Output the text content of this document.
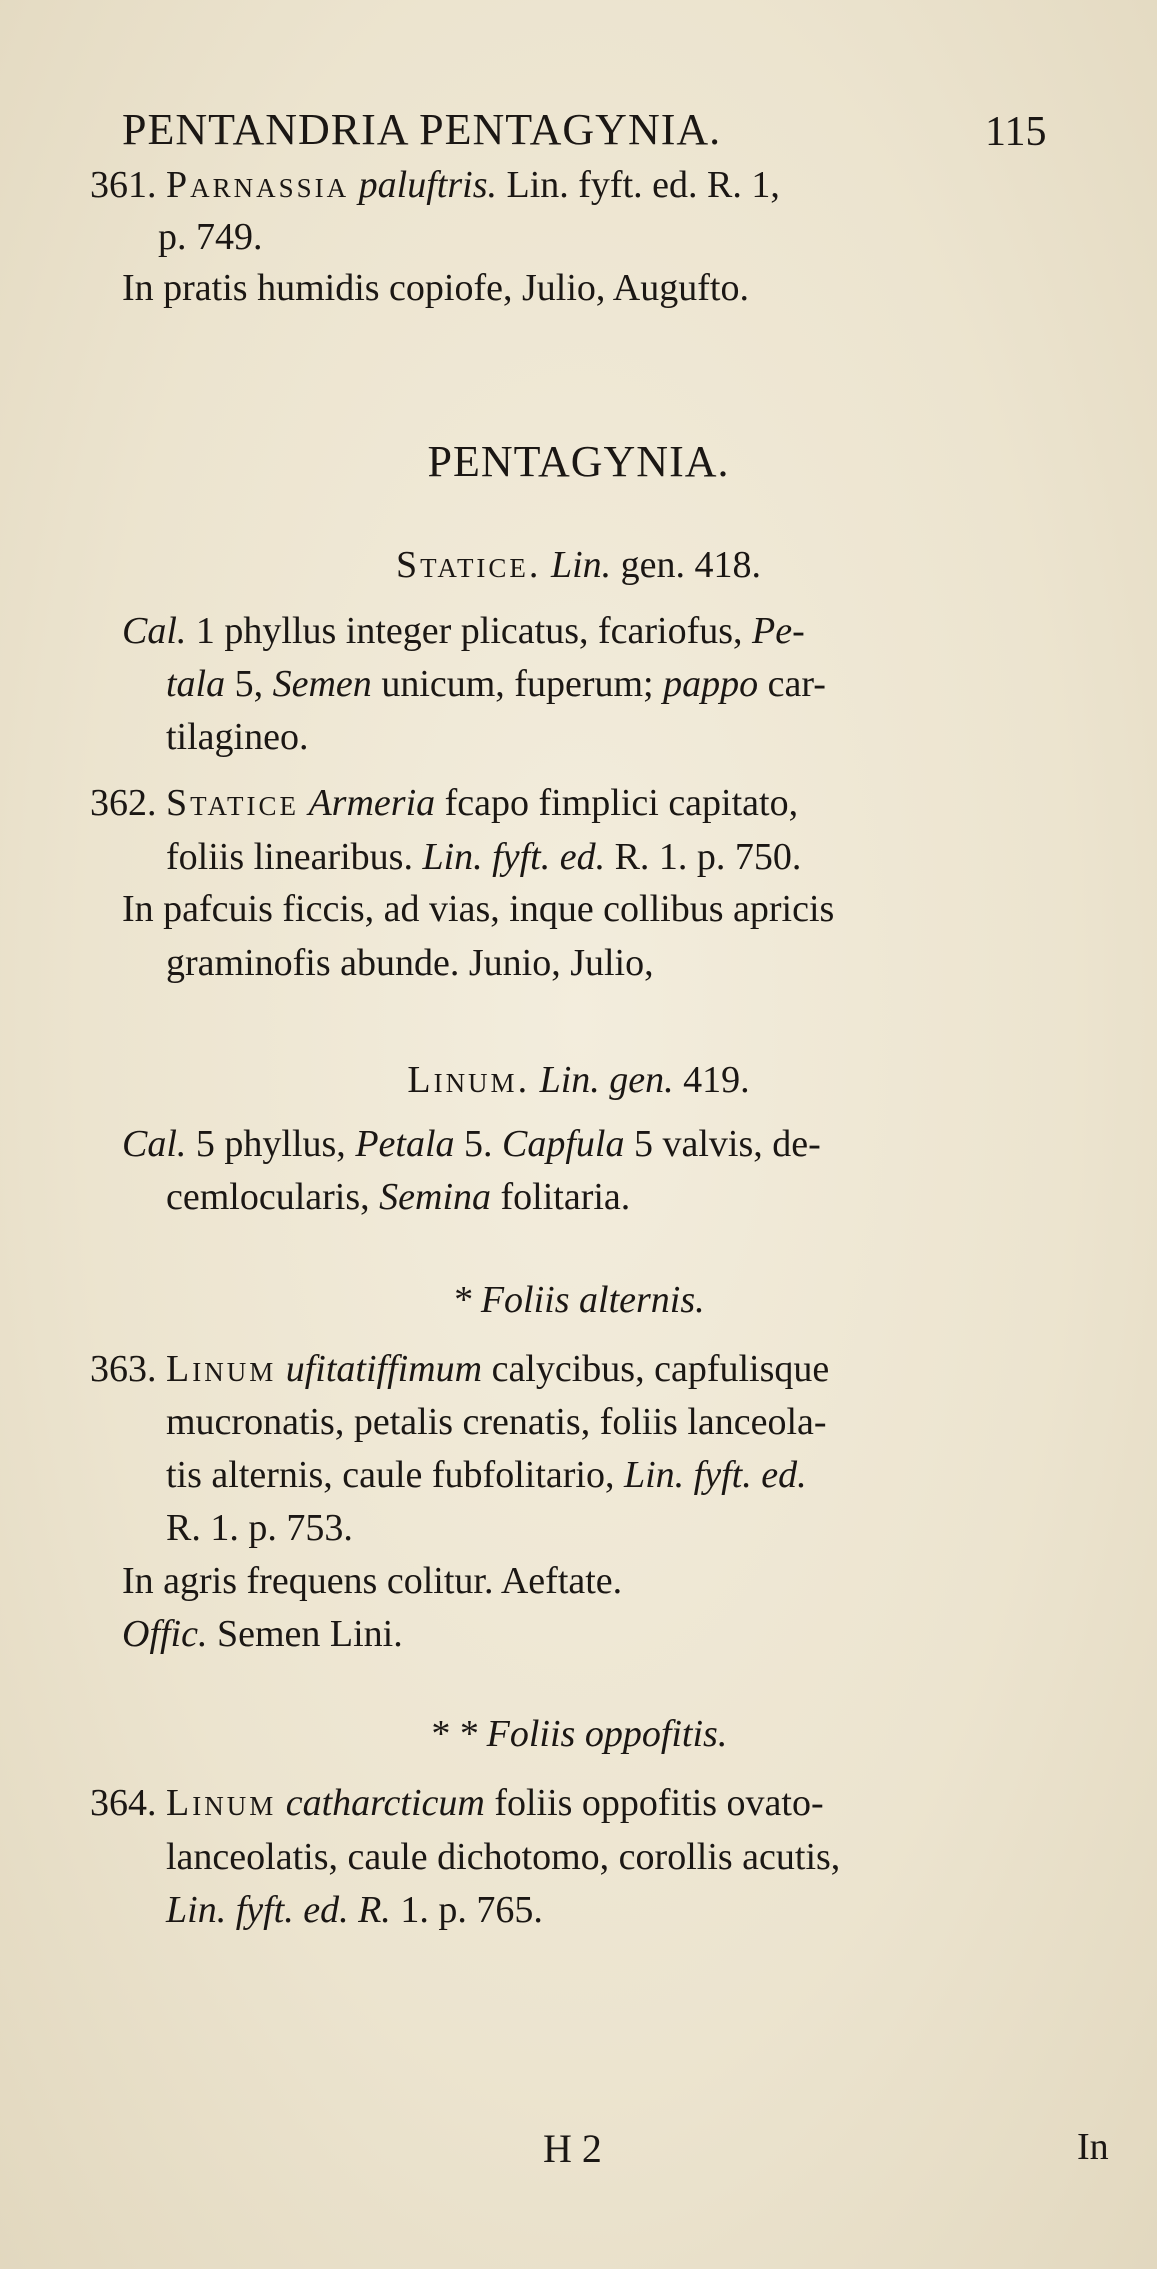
PENTANDRIA PENTAGYNIA.	115
361. Parnassia paluftris. Lin. fyft. ed. R. 1,
p. 749.
In pratis humidis copiofe, Julio, Augufto.
PENTAGYNIA.
Statice. Lin. gen. 418.
Cal. 1 phyllus integer plicatus, fcariofus, Pe-
tala 5, Semen unicum, fuperum; pappo car-
tilagineo.
362. Statice Armeria fcapo fimplici capitato,
foliis linearibus. Lin. fyft. ed. R. 1. p. 750.
In pafcuis ficcis, ad vias, inque collibus apricis
graminofis abunde. Junio, Julio,
Linum. Lin. gen. 419.
Cal. 5 phyllus, Petala 5. Capfula 5 valvis, de-
cemlocularis, Semina folitaria.
* Foliis alternis.
363. Linum ufitatiffimum calycibus, capfulisque
mucronatis, petalis crenatis, foliis lanceola-
tis alternis, caule fubfolitario, Lin. fyft. ed.
R. 1. p. 753.
In agris frequens colitur. Aeftate.
Offic. Semen Lini.
* * Foliis oppofitis.
364. Linum catharcticum foliis oppofitis ovato-
lanceolatis, caule dichotomo, corollis acutis,
Lin. fyft. ed. R. 1. p. 765.
H 2	In
